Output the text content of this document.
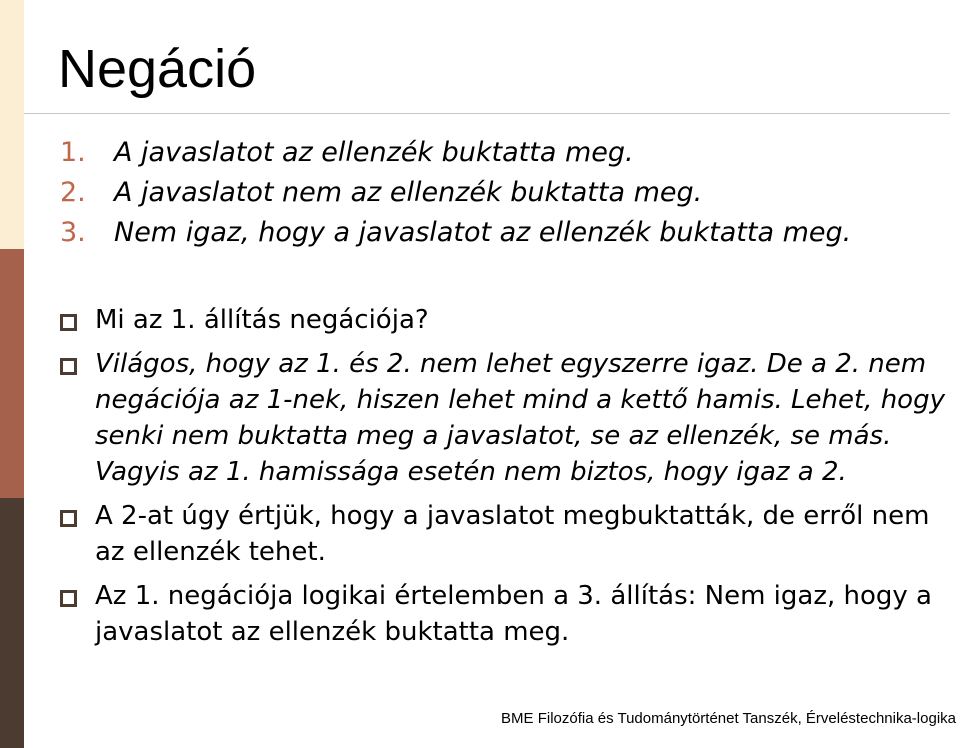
Negáció
1.	A javaslatot az ellenzék buktatta meg.
2.	A javaslatot nem az ellenzék buktatta meg.
3.	Nem igaz, hogy a javaslatot az ellenzék buktatta meg.
Mi az 1. állítás negációja?
Világos, hogy az 1. és 2. nem lehet egyszerre igaz. De a 2. nem negációja az 1-nek, hiszen lehet mind a kettő hamis. Lehet, hogy senki nem buktatta meg a javaslatot, se az ellenzék, se más. Vagyis az 1. hamissága esetén nem biztos, hogy igaz a 2.
A 2-at úgy értjük, hogy a javaslatot megbuktatták, de erről nem az ellenzék tehet.
Az 1. negációja logikai értelemben a 3. állítás: Nem igaz, hogy a javaslatot az ellenzék buktatta meg.
BME Filozófia és Tudománytörténet Tanszék, Érveléstechnika-logika
